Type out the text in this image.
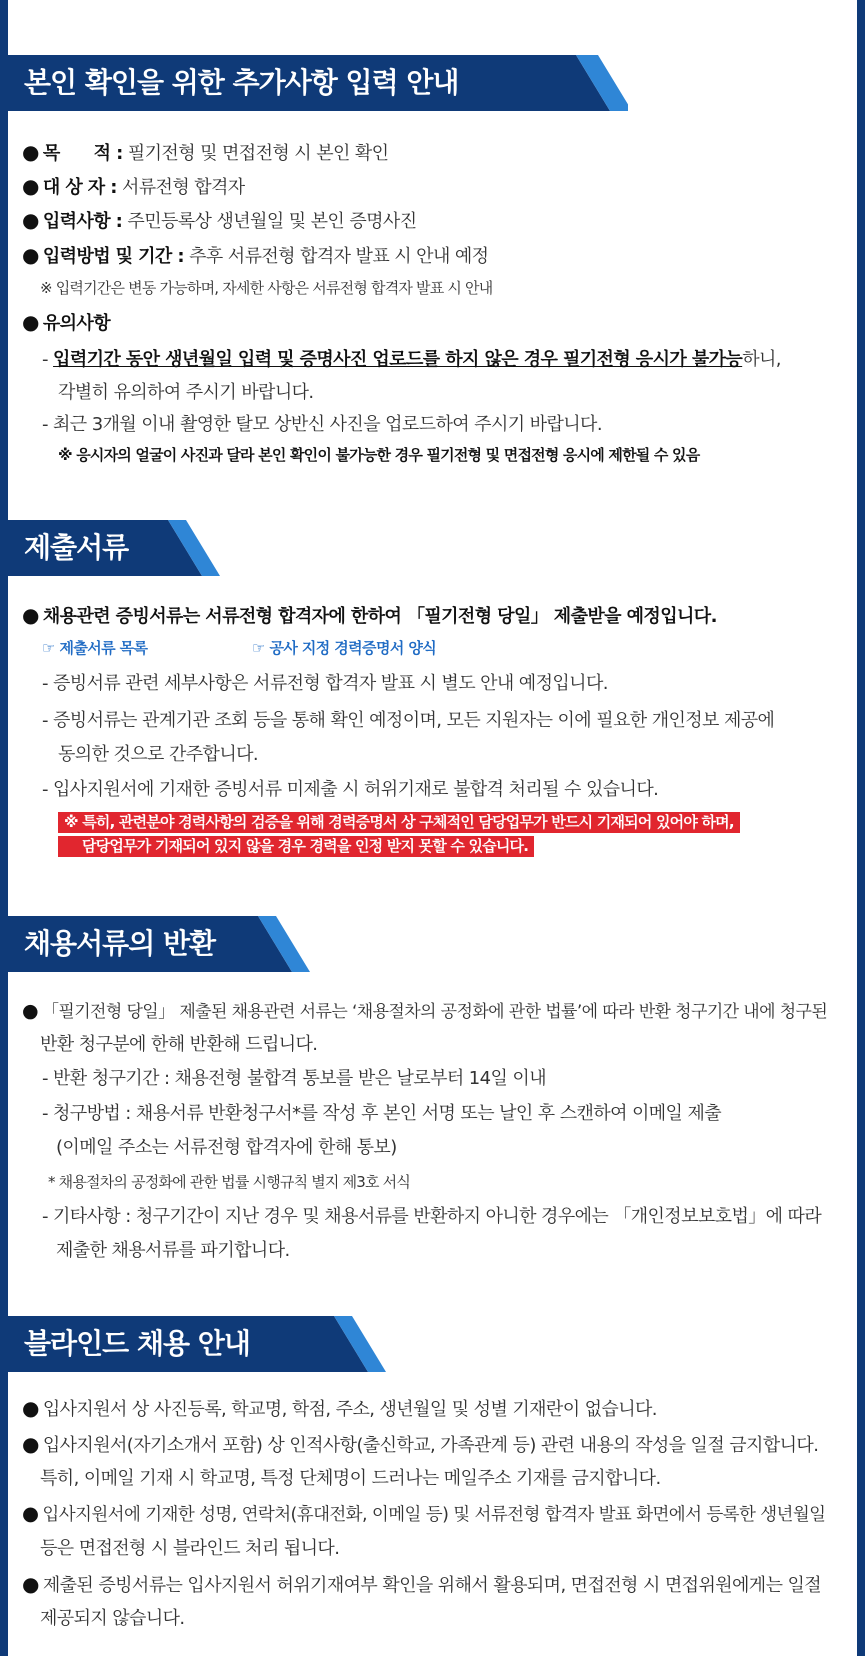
본인 확인을 위한 추가사항 입력 안내
● 목      적 : 필기전형 및 면접전형 시 본인 확인
● 대 상 자 : 서류전형 합격자
● 입력사항 : 주민등록상 생년월일 및 본인 증명사진
● 입력방법 및 기간 : 추후 서류전형 합격자 발표 시 안내 예정
※ 입력기간은 변동 가능하며, 자세한 사항은 서류전형 합격자 발표 시 안내
● 유의사항
- 입력기간 동안 생년월일 입력 및 증명사진 업로드를 하지 않은 경우 필기전형 응시가 불가능하니,
각별히 유의하여 주시기 바랍니다.
- 최근 3개월 이내 촬영한 탈모 상반신 사진을 업로드하여 주시기 바랍니다.
※ 응시자의 얼굴이 사진과 달라 본인 확인이 불가능한 경우 필기전형 및 면접전형 응시에 제한될 수 있음
제출서류
● 채용관련 증빙서류는 서류전형 합격자에 한하여 「필기전형 당일」 제출받을 예정입니다.
☞ 제출서류 목록	☞ 공사 지정 경력증명서 양식
- 증빙서류 관련 세부사항은 서류전형 합격자 발표 시 별도 안내 예정입니다.
- 증빙서류는 관계기관 조회 등을 통해 확인 예정이며, 모든 지원자는 이에 필요한 개인정보 제공에
동의한 것으로 간주합니다.
- 입사지원서에 기재한 증빙서류 미제출 시 허위기재로 불합격 처리될 수 있습니다.
※ 특히, 관련분야 경력사항의 검증을 위해 경력증명서 상 구체적인 담당업무가 반드시 기재되어 있어야 하며,
담당업무가 기재되어 있지 않을 경우 경력을 인정 받지 못할 수 있습니다.
채용서류의 반환
● 「필기전형 당일」 제출된 채용관련 서류는 ‘채용절차의 공정화에 관한 법률’에 따라 반환 청구기간 내에 청구된
반환 청구분에 한해 반환해 드립니다.
- 반환 청구기간 : 채용전형 불합격 통보를 받은 날로부터 14일 이내
- 청구방법 : 채용서류 반환청구서*를 작성 후 본인 서명 또는 날인 후 스캔하여 이메일 제출
(이메일 주소는 서류전형 합격자에 한해 통보)
* 채용절차의 공정화에 관한 법률 시행규칙 별지 제3호 서식
- 기타사항 : 청구기간이 지난 경우 및 채용서류를 반환하지 아니한 경우에는 「개인정보보호법」에 따라
제출한 채용서류를 파기합니다.
블라인드 채용 안내
● 입사지원서 상 사진등록, 학교명, 학점, 주소, 생년월일 및 성별 기재란이 없습니다.
● 입사지원서(자기소개서 포함) 상 인적사항(출신학교, 가족관계 등) 관련 내용의 작성을 일절 금지합니다.
특히, 이메일 기재 시 학교명, 특정 단체명이 드러나는 메일주소 기재를 금지합니다.
● 입사지원서에 기재한 성명, 연락처(휴대전화, 이메일 등) 및 서류전형 합격자 발표 화면에서 등록한 생년월일
등은 면접전형 시 블라인드 처리 됩니다.
● 제출된 증빙서류는 입사지원서 허위기재여부 확인을 위해서 활용되며, 면접전형 시 면접위원에게는 일절
제공되지 않습니다.
